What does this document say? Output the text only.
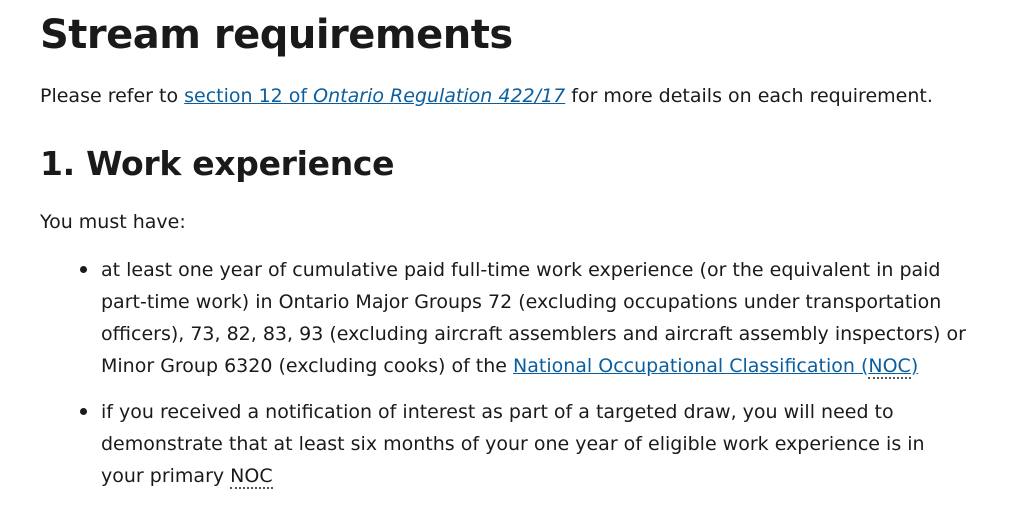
Stream requirements

Please refer to section 12 of Ontario Regulation 422/17 for more details on each requirement.

1. Work experience

You must have:

at least one year of cumulative paid full-time work experience (or the equivalent in paid part-time work) in Ontario Major Groups 72 (excluding occupations under transportation officers), 73, 82, 83, 93 (excluding aircraft assemblers and aircraft assembly inspectors) or Minor Group 6320 (excluding cooks) of the National Occupational Classification (NOC)
if you received a notification of interest as part of a targeted draw, you will need to demonstrate that at least six months of your one year of eligible work experience is in your primary NOC
